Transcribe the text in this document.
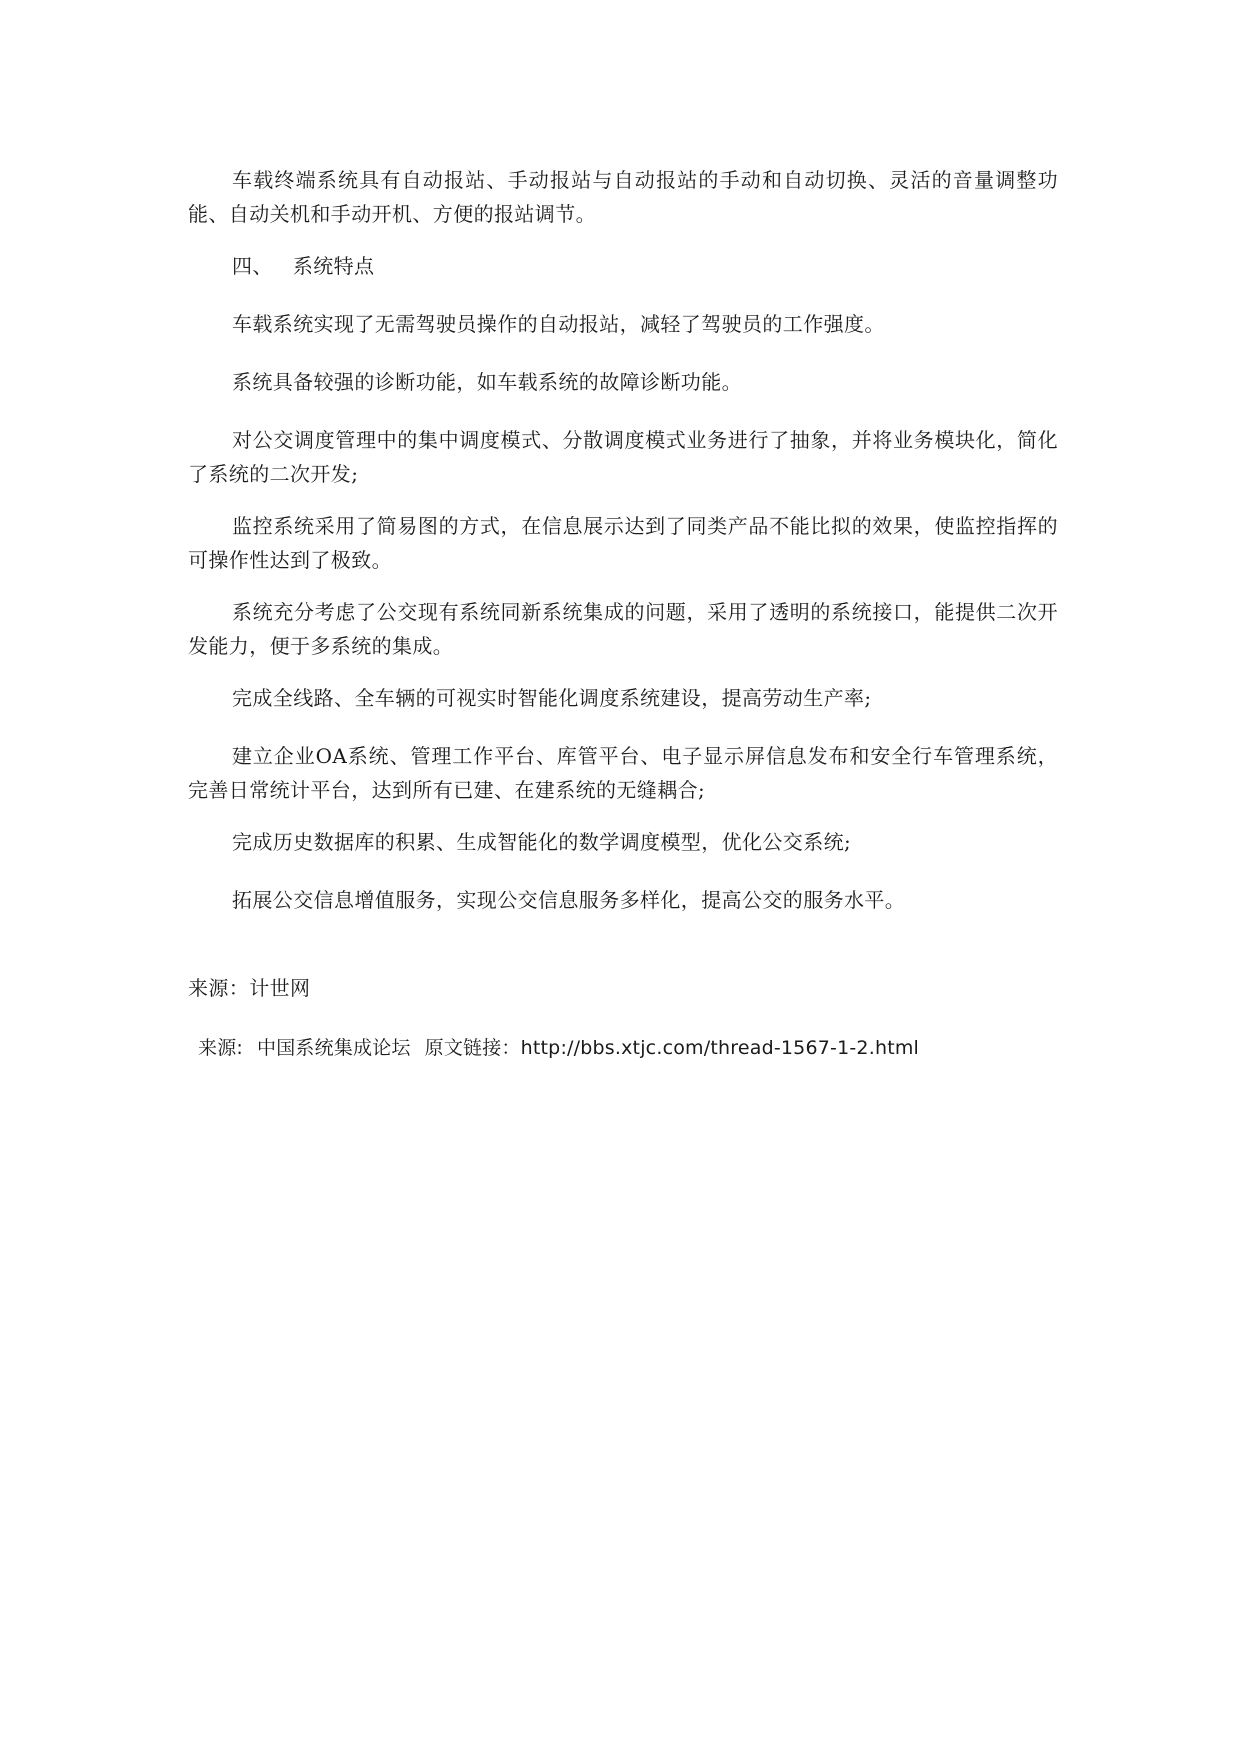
车载终端系统具有自动报站、手动报站与自动报站的手动和自动切换、灵活的音量调整功能、自动关机和手动开机、方便的报站调节。

四、 系统特点

车载系统实现了无需驾驶员操作的自动报站，减轻了驾驶员的工作强度。

系统具备较强的诊断功能，如车载系统的故障诊断功能。

对公交调度管理中的集中调度模式、分散调度模式业务进行了抽象，并将业务模块化，简化了系统的二次开发;

监控系统采用了简易图的方式，在信息展示达到了同类产品不能比拟的效果，使监控指挥的可操作性达到了极致。

系统充分考虑了公交现有系统同新系统集成的问题，采用了透明的系统接口，能提供二次开发能力，便于多系统的集成。

完成全线路、全车辆的可视实时智能化调度系统建设，提高劳动生产率;

建立企业OA系统、管理工作平台、库管平台、电子显示屏信息发布和安全行车管理系统，完善日常统计平台，达到所有已建、在建系统的无缝耦合;

完成历史数据库的积累、生成智能化的数学调度模型，优化公交系统;

拓展公交信息增值服务，实现公交信息服务多样化，提高公交的服务水平。

来源：计世网

来源: 中国系统集成论坛 原文链接：http://bbs.xtjc.com/thread-1567-1-2.html
